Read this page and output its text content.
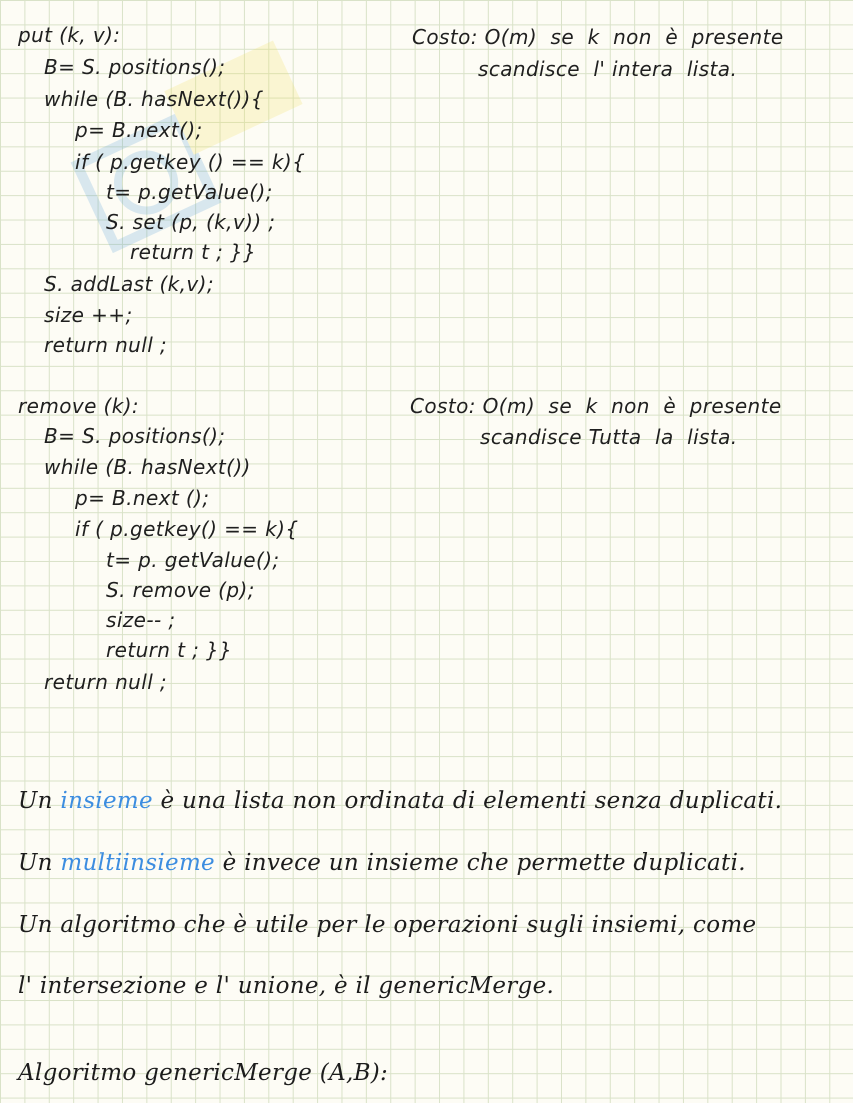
put (k, v):
B= S. positions();
while (B. hasNext()){
p= B.next();
if ( p.getkey () == k){
t= p.getValue();
S. set (p, (k,v)) ;
return t ; }}
S. addLast (k,v);
size ++;
return null ;
Costo: O(m)  se  k  non  è  presente
scandisce  l' intera  lista.
remove (k):
B= S. positions();
while (B. hasNext())
p= B.next ();
if ( p.getkey() == k){
t= p. getValue();
S. remove (p);
size-- ;
return t ; }}
return null ;
Costo: O(m)  se  k  non  è  presente
scandisce Tutta  la  lista.
Un insieme è una lista non ordinata di elementi senza duplicati.
Un multiinsieme è invece un insieme che permette duplicati.
Un algoritmo che è utile per le operazioni sugli insiemi, come
l' intersezione e l' unione, è il genericMerge.
Algoritmo genericMerge (A,B):
